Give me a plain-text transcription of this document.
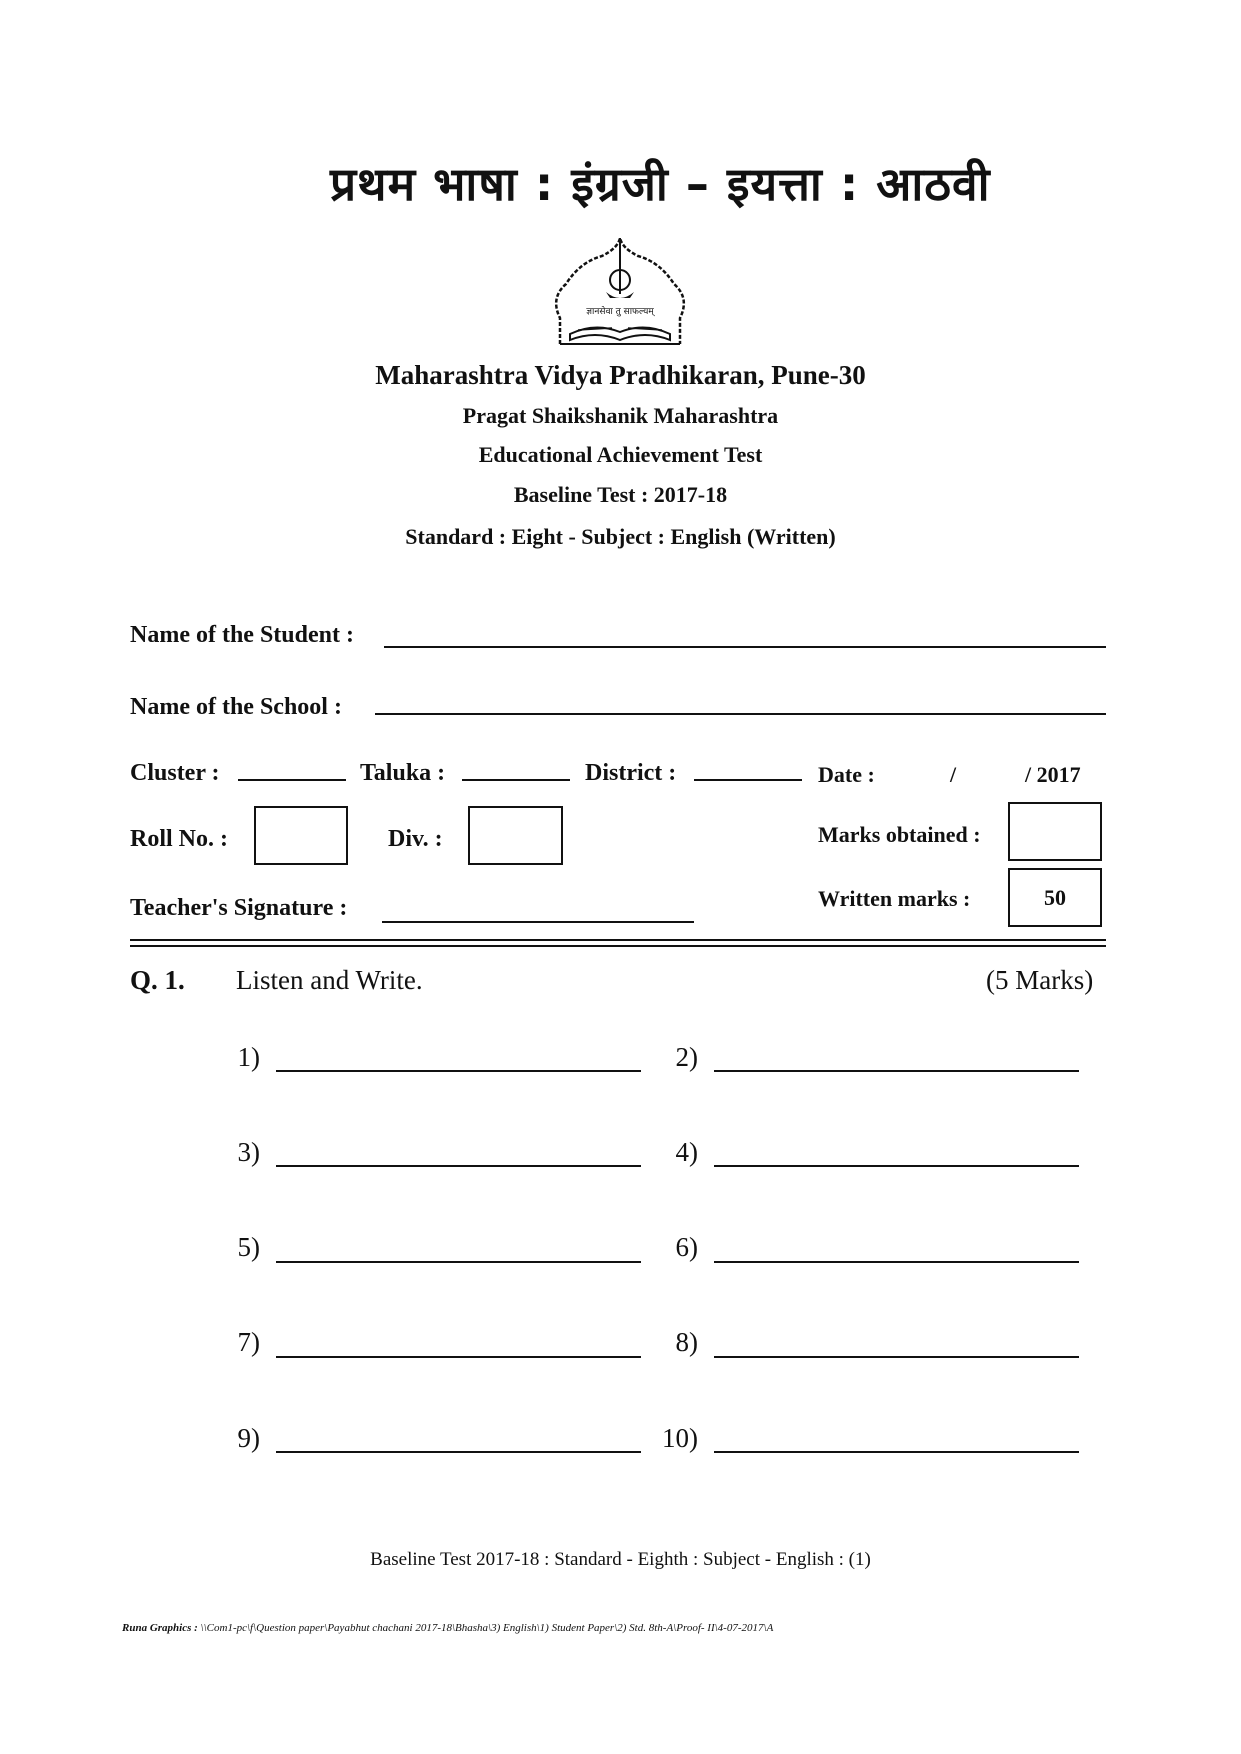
प्रथम भाषा : इंग्रजी – इयत्ता : आठवी
ज्ञानसेवा तु साफल्यम्
Maharashtra Vidya Pradhikaran, Pune-30
Pragat Shaikshanik Maharashtra
Educational Achievement Test
Baseline Test : 2017-18
Standard : Eight - Subject : English (Written)
Name of the Student :
Name of the School :
Cluster :	Taluka :	District :	Date :	/	/ 2017
Roll No. :	Div. :	Marks obtained :
Written marks :	50
Teacher's Signature :
Q. 1. Listen and Write.	(5 Marks)
1)	2)
3)	4)
5)	6)
7)	8)
9)	10)
Baseline Test 2017-18 : Standard - Eighth : Subject - English : (1)
Runa Graphics : \\Com1-pc\f\Question paper\Payabhut chachani 2017-18\Bhasha\3) English\1) Student Paper\2) Std. 8th-A\Proof- II\4-07-2017\A
